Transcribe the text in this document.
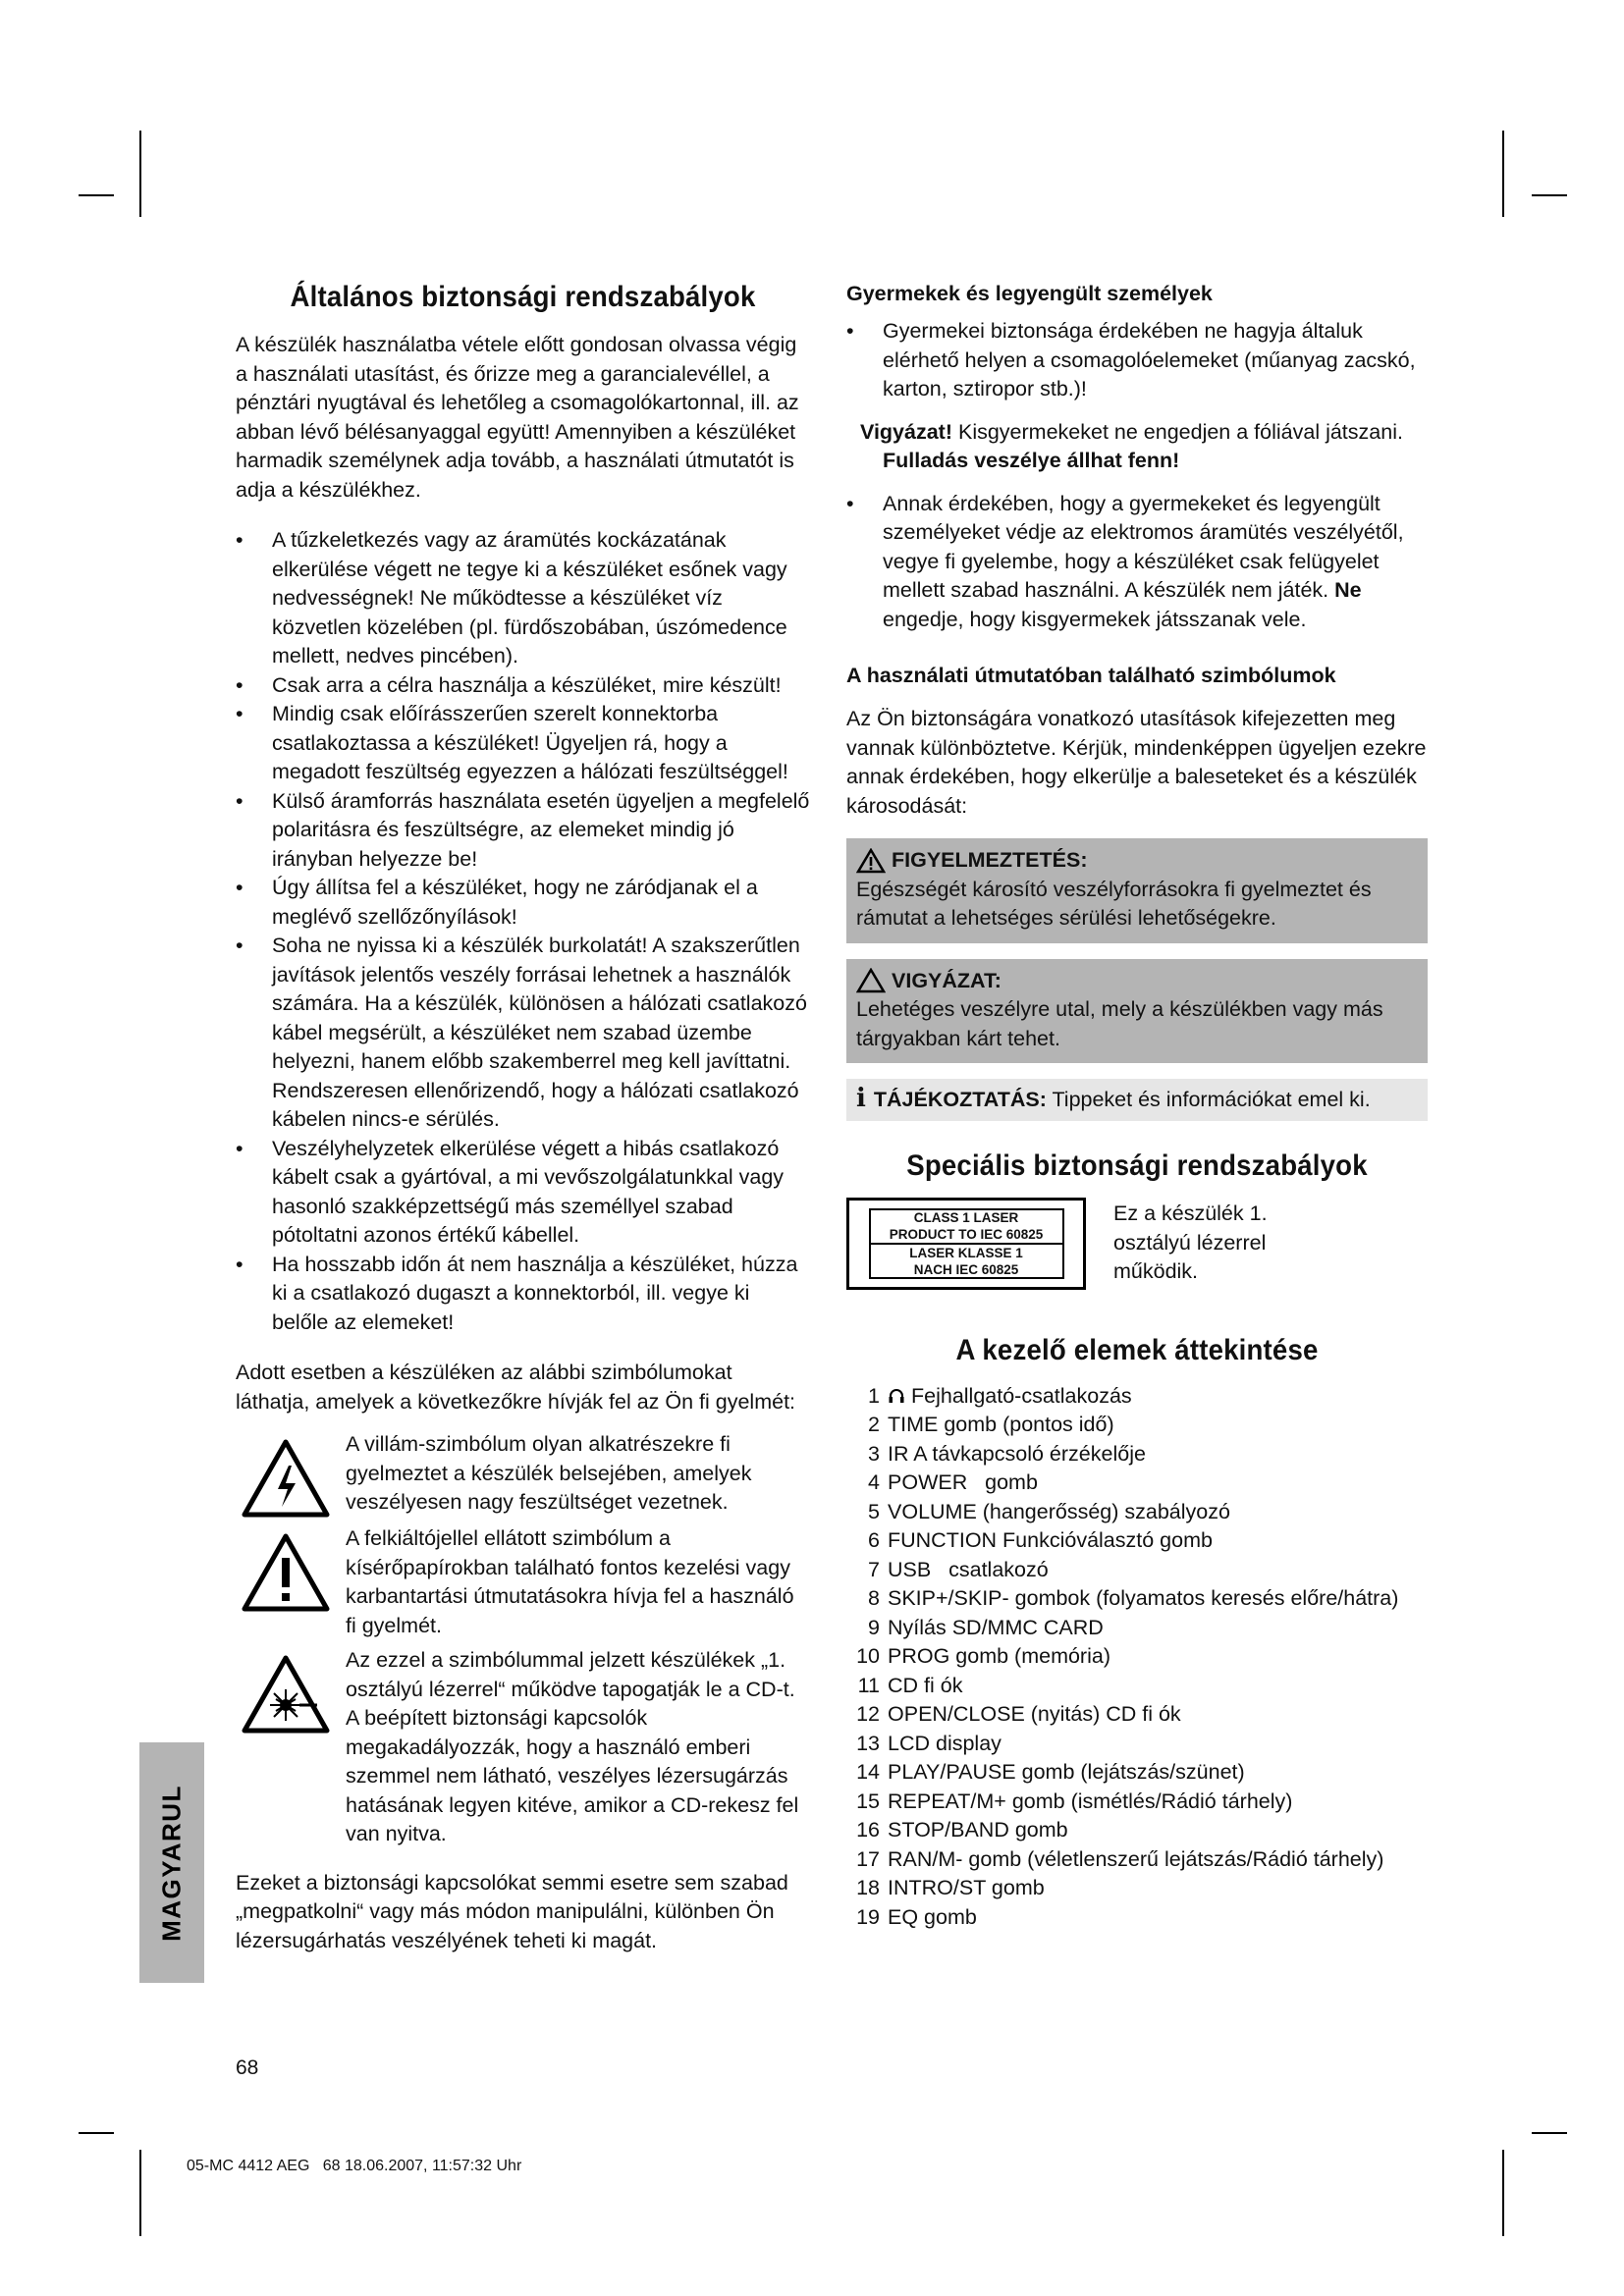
Általános biztonsági rendszabályok

A készülék használatba vétele előtt gondosan olvassa végig a használati utasítást, és őrizze meg a garancialevéllel, a pénztári nyugtával és lehetőleg a csomagolókartonnal, ill. az abban lévő bélésanyaggal együtt! Amennyiben a készüléket harmadik személynek adja tovább, a használati útmutatót is adja a készülékhez.

• A tűzkeletkezés vagy az áramütés kockázatának elkerülése végett ne tegye ki a készüléket esőnek vagy nedvességnek! Ne működtesse a készüléket víz közvetlen közelében (pl. fürdőszobában, úszómedence mellett, nedves pincében).
• Csak arra a célra használja a készüléket, mire készült!
• Mindig csak előírásszerűen szerelt konnektorba csatlakoztassa a készüléket! Ügyeljen rá, hogy a megadott feszültség egyezzen a hálózati feszültséggel!
• Külső áramforrás használata esetén ügyeljen a megfelelő polaritásra és feszültségre, az elemeket mindig jó irányban helyezze be!
• Úgy állítsa fel a készüléket, hogy ne záródjanak el a meglévő szellőzőnyílások!
• Soha ne nyissa ki a készülék burkolatát! A szakszerűtlen javítások jelentős veszély forrásai lehetnek a használók számára. Ha a készülék, különösen a hálózati csatlakozó kábel megsérült, a készüléket nem szabad üzembe helyezni, hanem előbb szakemberrel meg kell javíttatni. Rendszeresen ellenőrizendő, hogy a hálózati csatlakozó kábelen nincs-e sérülés.
• Veszélyhelyzetek elkerülése végett a hibás csatlakozó kábelt csak a gyártóval, a mi vevőszolgálatunkkal vagy hasonló szakképzettségű más személlyel szabad pótoltatni azonos értékű kábellel.
• Ha hosszabb időn át nem használja a készüléket, húzza ki a csatlakozó dugaszt a konnektorból, ill. vegye ki belőle az elemeket!

Adott esetben a készüléken az alábbi szimbólumokat láthatja, amelyek a következőkre hívják fel az Ön fi gyelmét:

A villám-szimbólum olyan alkatrészekre fi gyelmeztet a készülék belsejében, amelyek veszélyesen nagy feszültséget vezetnek.
A felkiáltójellel ellátott szimbólum a kísérőpapírokban található fontos kezelési vagy karbantartási útmutatásokra hívja fel a használó fi gyelmét.
Az ezzel a szimbólummal jelzett készülékek „1. osztályú lézerrel“ működve tapogatják le a CD-t. A beépített biztonsági kapcsolók megakadályozzák, hogy a használó emberi szemmel nem látható, veszélyes lézersugárzás hatásának legyen kitéve, amikor a CD-rekesz fel van nyitva.

Ezeket a biztonsági kapcsolókat semmi esetre sem szabad „megpatkolni“ vagy más módon manipulálni, különben Ön lézersugárhatás veszélyének teheti ki magát.

Gyermekek és legyengült személyek
• Gyermekei biztonsága érdekében ne hagyja általuk elérhető helyen a csomagolóelemeket (műanyag zacskó, karton, sztiropor stb.)!

Vigyázat! Kisgyermekeket ne engedjen a fóliával játszani.
Fulladás veszélye állhat fenn!

• Annak érdekében, hogy a gyermekeket és legyengült személyeket védje az elektromos áramütés veszélyétől, vegye fi gyelembe, hogy a készüléket csak felügyelet mellett szabad használni. A készülék nem játék. Ne engedje, hogy kisgyermekek játsszanak vele.
A használati útmutatóban található szimbólumok

Az Ön biztonságára vonatkozó utasítások kifejezetten meg vannak különböztetve. Kérjük, mindenképpen ügyeljen ezekre annak érdekében, hogy elkerülje a baleseteket és a készülék károsodását:

FIGYELMEZTETÉS:
Egészségét károsító veszélyforrásokra fi gyelmeztet és rámutat a lehetséges sérülési lehetőségekre.
VIGYÁZAT:
Lehetéges veszélyre utal, mely a készülékben vagy más tárgyakban kárt tehet.
i TÁJÉKOZTATÁS: Tippeket és információkat emel ki.
Speciális biztonsági rendszabályok
CLASS 1 LASER
PRODUCT TO IEC 60825
LASER KLASSE 1
NACH IEC 60825
Ez a készülék 1. osztályú lézerrel működik.
A kezelő elemek áttekintése
1	Fejhallgató-csatlakozás
2 TIME gomb (pontos idő)
3 IR A távkapcsoló érzékelője
4 POWER   gomb
5 VOLUME (hangerősség) szabályozó
6 FUNCTION Funkcióválasztó gomb
7 USB   csatlakozó
8 SKIP+/SKIP- gombok (folyamatos keresés előre/hátra)
9 Nyílás SD/MMC CARD
10 PROG gomb (memória)
11 CD fi ók
12 OPEN/CLOSE (nyitás) CD fi ók
13 LCD display
14 PLAY/PAUSE gomb (lejátszás/szünet)
15 REPEAT/M+ gomb (ismétlés/Rádió tárhely)
16 STOP/BAND gomb
17 RAN/M- gomb (véletlenszerű lejátszás/Rádió tárhely)
18 INTRO/ST gomb
19 EQ gomb
MAGYARUL
68
05-MC 4412 AEG   68 18.06.2007, 11:57:32 Uhr
